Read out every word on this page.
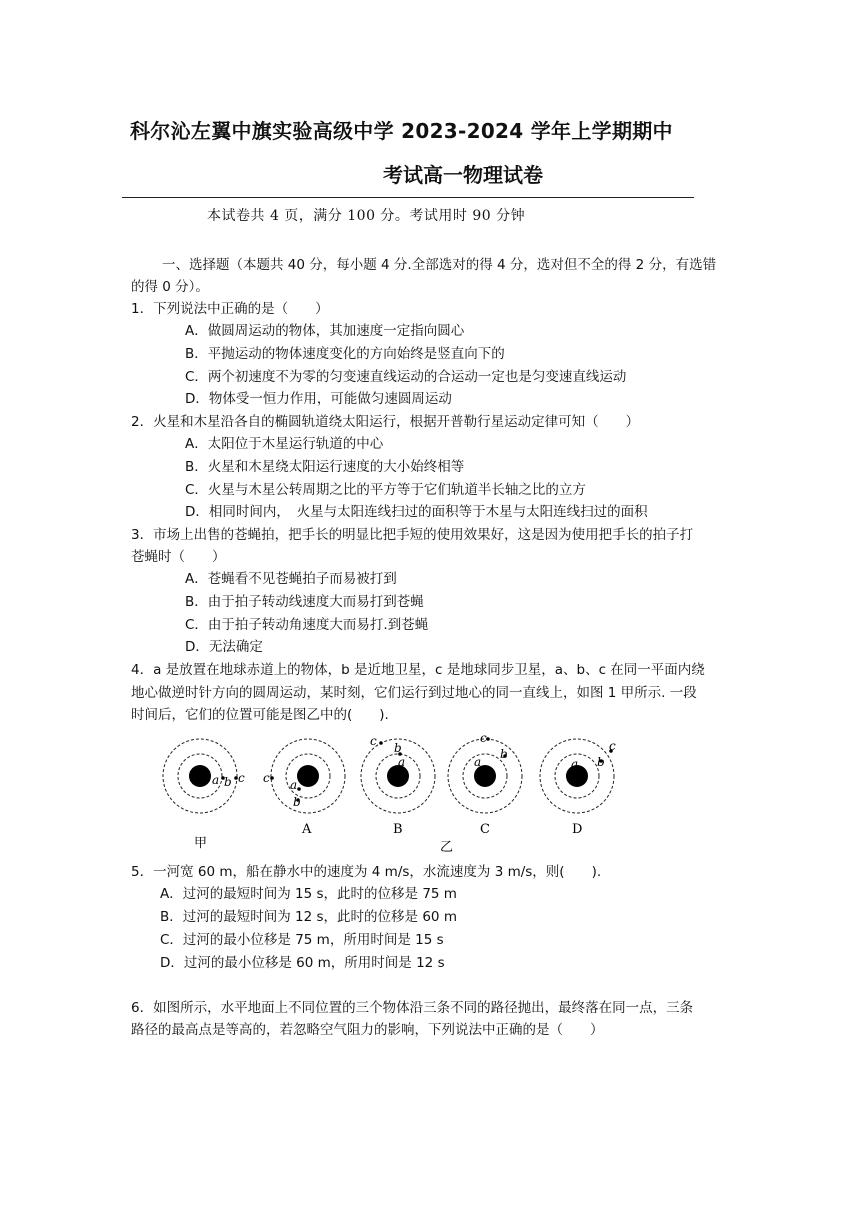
科尔沁左翼中旗实验高级中学 2023-2024 学年上学期期中
考试高一物理试卷
本试卷共 4 页，满分 100 分。考试用时 90 分钟
一、选择题（本题共 40 分，每小题 4 分.全部选对的得 4 分，选对但不全的得 2 分，有选错
的得 0 分）。
1．下列说法中正确的是（　　）
A．做圆周运动的物体，其加速度一定指向圆心
B．平抛运动的物体速度变化的方向始终是竖直向下的
C．两个初速度不为零的匀变速直线运动的合运动一定也是匀变速直线运动
D．物体受一恒力作用，可能做匀速圆周运动
2．火星和木星沿各自的椭圆轨道绕太阳运行，根据开普勒行星运动定律可知（　　）
A．太阳位于木星运行轨道的中心
B．火星和木星绕太阳运行速度的大小始终相等
C．火星与木星公转周期之比的平方等于它们轨道半长轴之比的立方
D．相同时间内，　火星与太阳连线扫过的面积等于木星与太阳连线扫过的面积
3．市场上出售的苍蝇拍，把手长的明显比把手短的使用效果好，这是因为使用把手长的拍子打
苍蝇时（　　）
A．苍蝇看不见苍蝇拍子而易被打到
B．由于拍子转动线速度大而易打到苍蝇
C．由于拍子转动角速度大而易打.到苍蝇
D．无法确定
4．a 是放置在地球赤道上的物体，b 是近地卫星，c 是地球同步卫星，a、b、c 在同一平面内绕
地心做逆时针方向的圆周运动，某时刻，它们运行到过地心的同一直线上，如图 1 甲所示. 一段
时间后，它们的位置可能是图乙中的(　　).
a b c c a
b
c b
a
c
a
b
c
b
a
甲
A	B	C	D
乙
5．一河宽 60 m，船在静水中的速度为 4 m/s，水流速度为 3 m/s，则(　　).
A．过河的最短时间为 15 s，此时的位移是 75 m
B．过河的最短时间为 12 s，此时的位移是 60 m
C．过河的最小位移是 75 m，所用时间是 15 s
D．过河的最小位移是 60 m，所用时间是 12 s
6．如图所示，水平地面上不同位置的三个物体沿三条不同的路径抛出，最终落在同一点，三条
路径的最高点是等高的，若忽略空气阻力的影响，下列说法中正确的是（　　）
